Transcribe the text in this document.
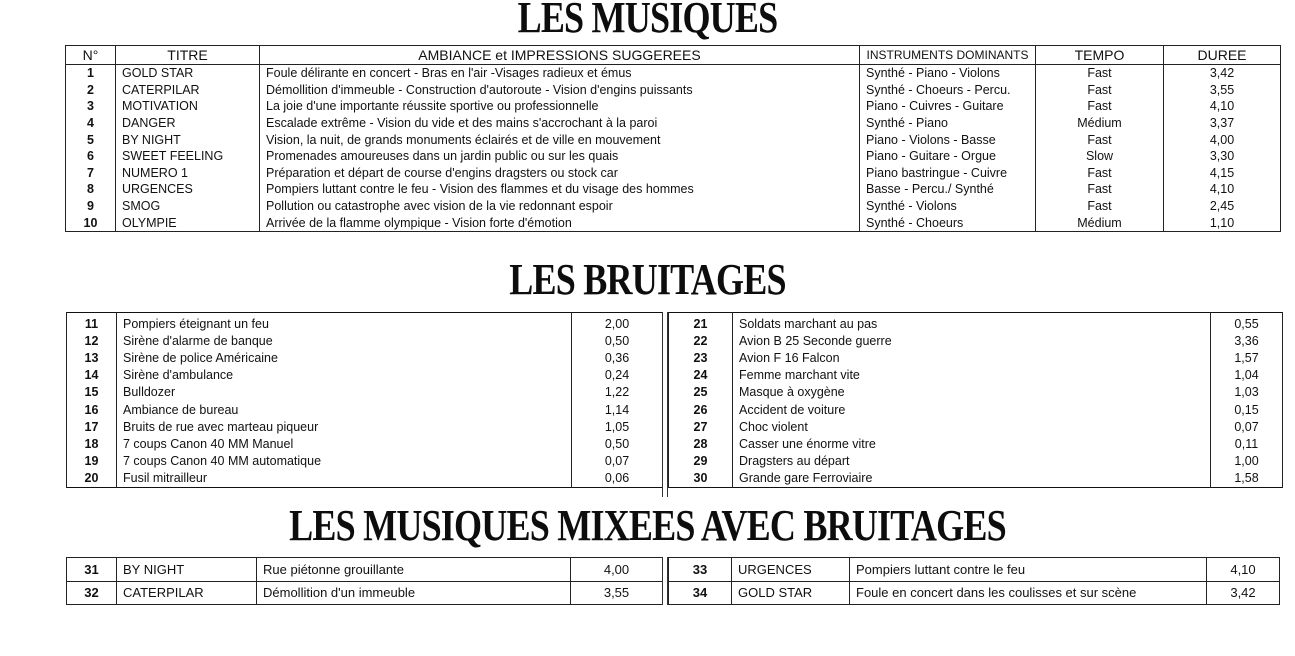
LES MUSIQUES
N°	TITRE	AMBIANCE et IMPRESSIONS SUGGEREES	INSTRUMENTS DOMINANTS	TEMPO	DUREE
1	GOLD STAR	Foule délirante en concert - Bras en l'air -Visages radieux et émus	Synthé - Piano - Violons	Fast	3,42
2	CATERPILAR	Démollition d'immeuble - Construction d'autoroute - Vision d'engins puissants	Synthé - Choeurs - Percu.	Fast	3,55
3	MOTIVATION	La joie d'une importante réussite sportive ou professionnelle	Piano - Cuivres - Guitare	Fast	4,10
4	DANGER	Escalade extrême - Vision du vide et des mains s'accrochant à la paroi	Synthé - Piano	Médium	3,37
5	BY NIGHT	Vision, la nuit, de grands monuments éclairés et de ville en mouvement	Piano - Violons - Basse	Fast	4,00
6	SWEET FEELING	Promenades amoureuses dans un jardin public ou sur les quais	Piano - Guitare - Orgue	Slow	3,30
7	NUMERO 1	Préparation et départ de course d'engins dragsters ou stock car	Piano bastringue - Cuivre	Fast	4,15
8	URGENCES	Pompiers luttant contre le feu - Vision des flammes et du visage des hommes	Basse - Percu./ Synthé	Fast	4,10
9	SMOG	Pollution ou catastrophe avec vision de la vie redonnant espoir	Synthé - Violons	Fast	2,45
10	OLYMPIE	Arrivée de la flamme olympique - Vision forte d'émotion	Synthé - Choeurs	Médium	1,10
LES BRUITAGES
11	Pompiers éteignant un feu	2,00
12	Sirène d'alarme de banque	0,50
13	Sirène de police Américaine	0,36
14	Sirène d'ambulance	0,24
15	Bulldozer	1,22
16	Ambiance de bureau	1,14
17	Bruits de rue avec marteau piqueur	1,05
18	7 coups Canon 40 MM Manuel	0,50
19	7 coups Canon 40 MM automatique	0,07
20	Fusil mitrailleur	0,06
21	Soldats marchant au pas	0,55
22	Avion B 25 Seconde guerre	3,36
23	Avion F 16 Falcon	1,57
24	Femme marchant vite	1,04
25	Masque à oxygène	1,03
26	Accident de voiture	0,15
27	Choc violent	0,07
28	Casser une énorme vitre	0,11
29	Dragsters au départ	1,00
30	Grande gare Ferroviaire	1,58
LES MUSIQUES MIXEES AVEC BRUITAGES
31	BY NIGHT	Rue piétonne grouillante	4,00
32	CATERPILAR	Démollition d'un immeuble	3,55
33	URGENCES	Pompiers luttant contre le feu	4,10
34	GOLD STAR	Foule en concert dans les coulisses et sur scène	3,42
